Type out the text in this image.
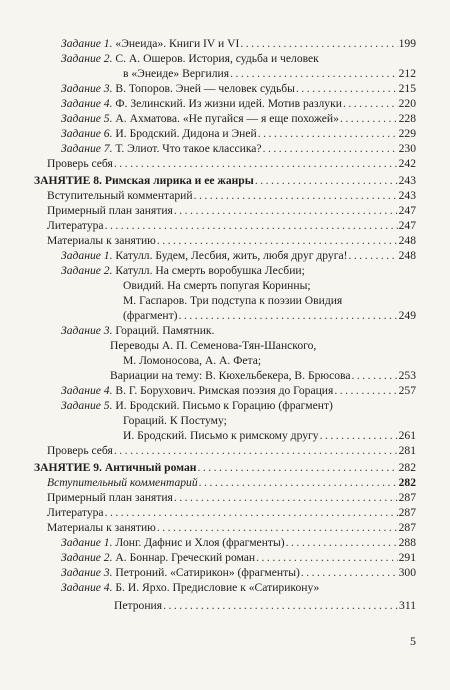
Задание 1. «Энеида». Книги IV и VI . . .	199
Задание 2. С. А. Ошеров. История, судьба и человек
в «Энеиде» Вергилия . . .	212
Задание 3. В. Топоров. Эней — человек судьбы . . .	215
Задание 4. Ф. Зелинский. Из жизни идей. Мотив разлуки . . .	220
Задание 5. А. Ахматова. «Не пугайся — я еще похожей» . . .	228
Задание 6. И. Бродский. Дидона и Эней . . .	229
Задание 7. Т. Элиот. Что такое классика? . . .	230
Проверь себя . . .	242
ЗАНЯТИЕ 8. Римская лирика и ее жанры . . .	243
Вступительный комментарий . . .	243
Примерный план занятия . . .	247
Литература . . .	247
Материалы к занятию . . .	248
Задание 1. Катулл. Будем, Лесбия, жить, любя друг друга! . . .	248
Задание 2. Катулл. На смерть воробушка Лесбии;
Овидий. На смерть попугая Коринны;
М. Гаспаров. Три подступа к поэзии Овидия
(фрагмент) . . .	249
Задание 3. Гораций. Памятник.
Переводы А. П. Семенова-Тян-Шанского,
М. Ломоносова, А. А. Фета;
Вариации на тему: В. Кюхельбекера, В. Брюсова . . .	253
Задание 4. В. Г. Борухович. Римская поэзия до Горация . . .	257
Задание 5. И. Бродский. Письмо к Горацию (фрагмент)
Гораций. К Постуму;
И. Бродский. Письмо к римскому другу . . .	261
Проверь себя . . .	281
ЗАНЯТИЕ 9. Античный роман . . .	282
Вступительный комментарий . . .	282
Примерный план занятия . . .	287
Литература . . .	287
Материалы к занятию . . .	287
Задание 1. Лонг. Дафнис и Хлоя (фрагменты) . . .	288
Задание 2. А. Боннар. Греческий роман . . .	291
Задание 3. Петроний. «Сатирикон» (фрагменты) . . .	300
Задание 4. Б. И. Ярхо. Предисловие к «Сатирикону»
Петрония . . .	311
5
